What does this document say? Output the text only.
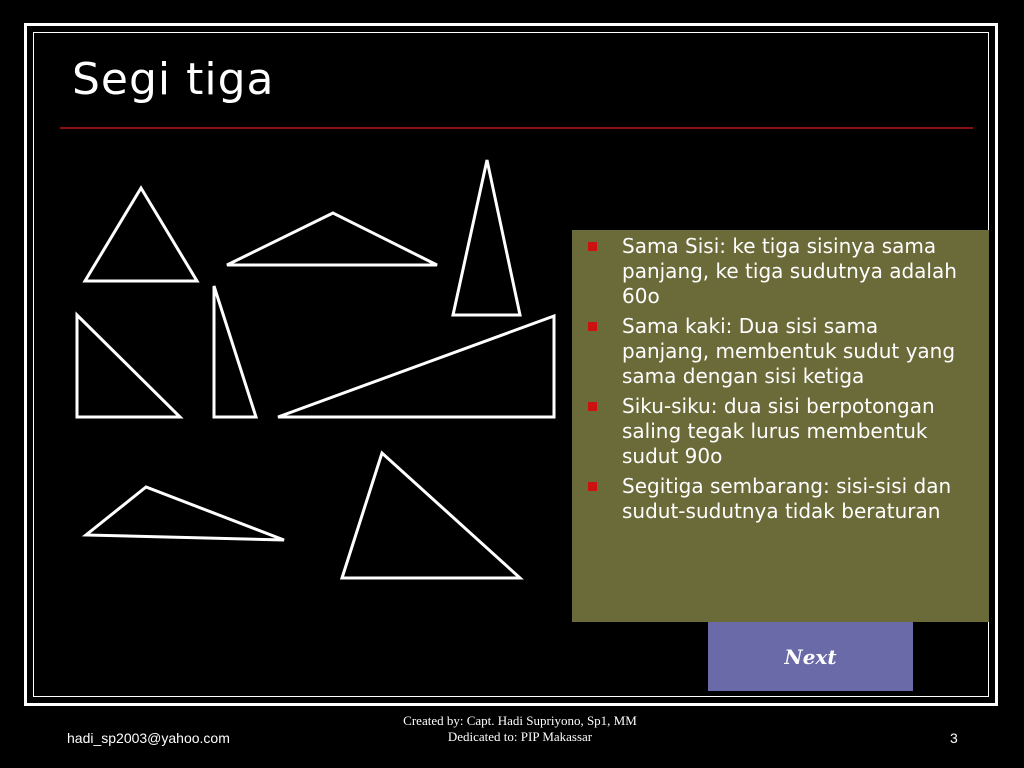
Segi tiga
Sama Sisi: ke tiga sisinya sama panjang, ke tiga sudutnya adalah 60o
Sama kaki: Dua sisi sama panjang, membentuk sudut yang sama dengan sisi ketiga
Siku-siku: dua sisi berpotongan saling tegak lurus membentuk sudut 90o
Segitiga sembarang: sisi-sisi dan sudut-sudutnya tidak beraturan
Next
hadi_sp2003@yahoo.com
Created by: Capt. Hadi Supriyono, Sp1, MM
Dedicated to: PIP Makassar	3
